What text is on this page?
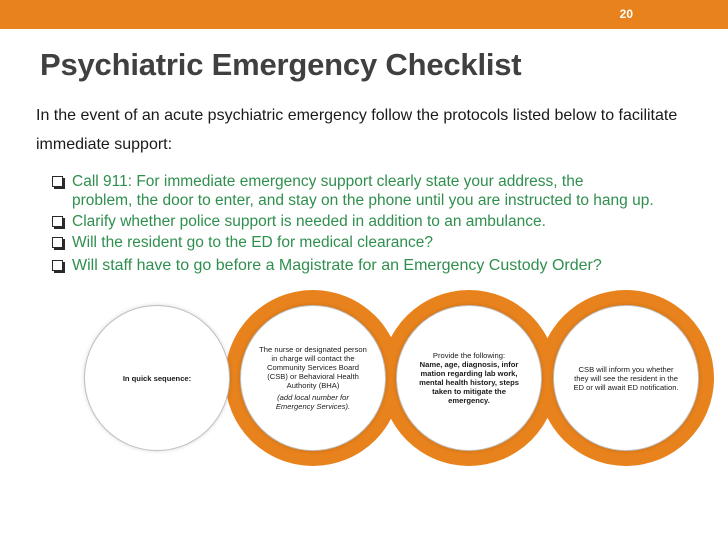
20
Psychiatric Emergency Checklist
In the event of an acute psychiatric emergency follow the protocols listed below to facilitate immediate support:
Call 911: For immediate emergency support clearly state your address, the
problem, the door to enter, and stay on the phone until you are instructed to hang up.
Clarify whether police support is needed in addition to an ambulance.
Will the resident go to the ED for medical clearance?
Will staff have to go before a Magistrate for an Emergency Custody Order?
In quick sequence:
The nurse or designated person in charge will contact the Community Services Board (CSB) or Behavioral Health Authority (BHA)
(add local number for Emergency Services).
Provide the following:
Name, age, diagnosis, infor mation regarding lab work, mental health history, steps taken to mitigate the emergency.
CSB will inform you whether they will see the resident in the ED or will await ED notification.
